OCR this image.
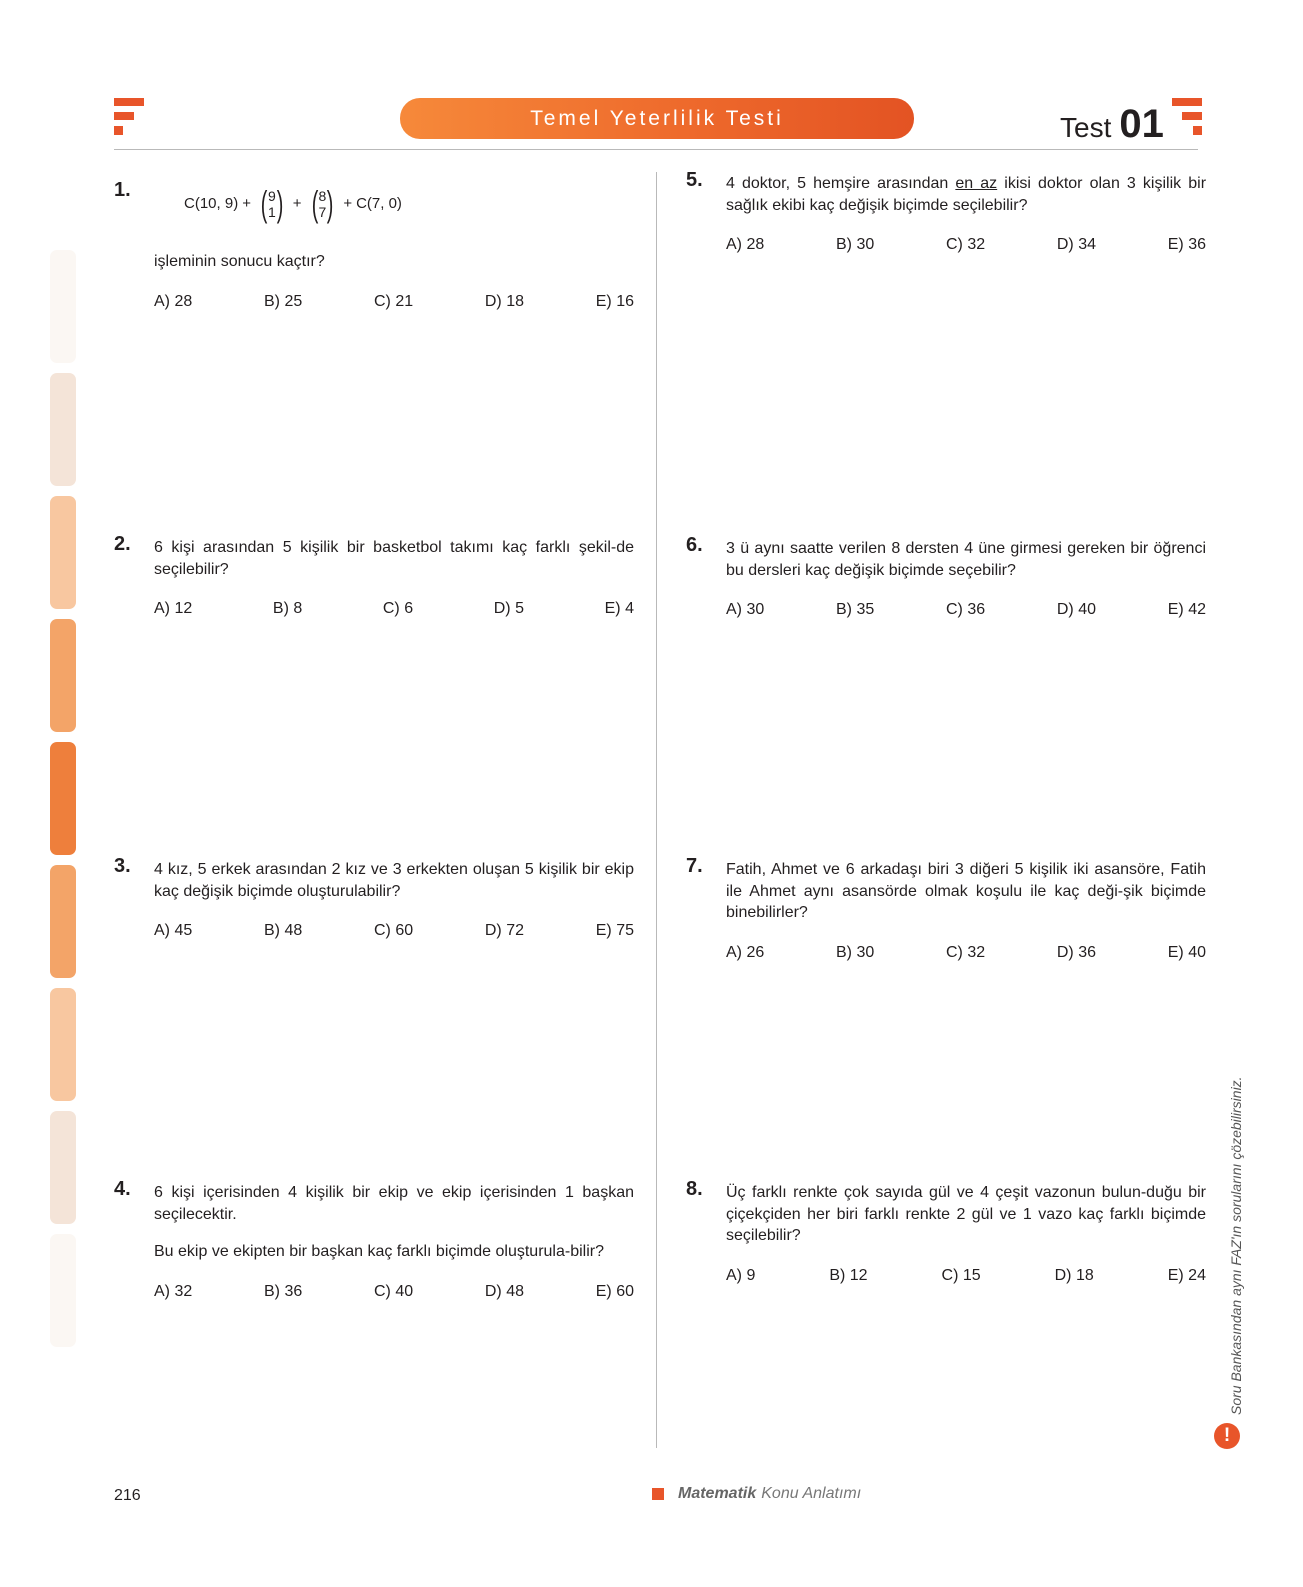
Temel Yeterlilik Testi	Test 01
1.
C(10, 9) + ( 9
1 ) + ( 8
7 ) + C(7, 0)

işleminin sonucu kaçtır?

A) 28	B) 25	C) 21	D) 18	E) 16
2. 6 kişi arasından 5 kişilik bir basketbol takımı kaç farklı şekil-de seçilebilir?

A) 12	B) 8	C) 6	D) 5	E) 4
3. 4 kız, 5 erkek arasından 2 kız ve 3 erkekten oluşan 5 kişilik bir ekip kaç değişik biçimde oluşturulabilir?

A) 45	B) 48	C) 60	D) 72	E) 75
4. 6 kişi içerisinden 4 kişilik bir ekip ve ekip içerisinden 1 başkan seçilecektir.

Bu ekip ve ekipten bir başkan kaç farklı biçimde oluşturula-bilir?

A) 32	B) 36	C) 40	D) 48	E) 60
5. 4 doktor, 5 hemşire arasından en az ikisi doktor olan 3 kişilik bir sağlık ekibi kaç değişik biçimde seçilebilir?

A) 28	B) 30	C) 32	D) 34	E) 36
6. 3 ü aynı saatte verilen 8 dersten 4 üne girmesi gereken bir öğrenci bu dersleri kaç değişik biçimde seçebilir?

A) 30	B) 35	C) 36	D) 40	E) 42
7. Fatih, Ahmet ve 6 arkadaşı biri 3 diğeri 5 kişilik iki asansöre, Fatih ile Ahmet aynı asansörde olmak koşulu ile kaç deği-şik biçimde binebilirler?

A) 26	B) 30	C) 32	D) 36	E) 40
8. Üç farklı renkte çok sayıda gül ve 4 çeşit vazonun bulun-duğu bir çiçekçiden her biri farklı renkte 2 gül ve 1 vazo kaç farklı biçimde seçilebilir?

A) 9	B) 12	C) 15	D) 18	E) 24 Soru Bankasından aynı FAZ'ın sorularını çözebilirsiniz.
!
216	Matematik Konu Anlatımı
